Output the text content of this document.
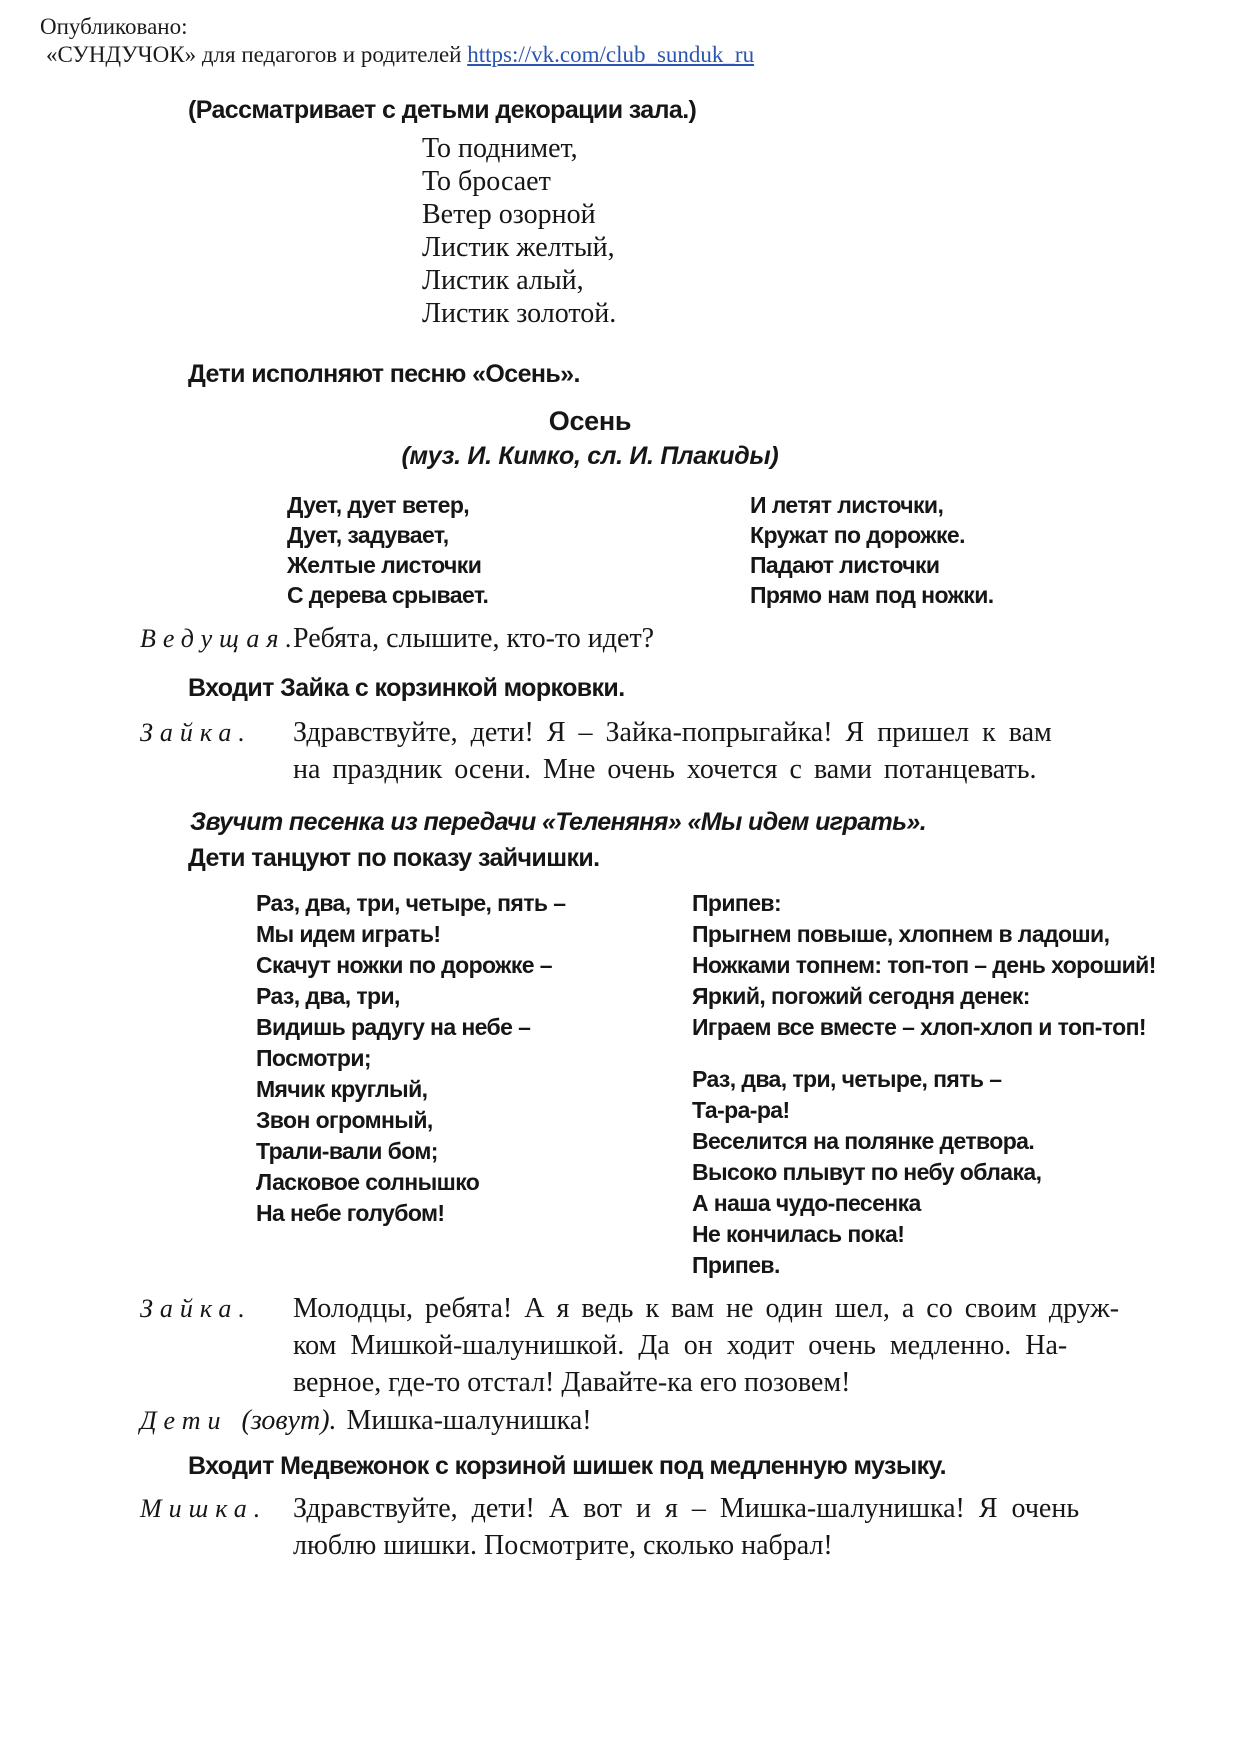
Опубликовано:
«СУНДУЧОК» для педагогов и родителей https://vk.com/club_sunduk_ru
(Рассматривает с детьми декорации зала.)
То поднимет,
То бросает
Ветер озорной
Листик желтый,
Листик алый,
Листик золотой.
Дети исполняют песню «Осень».
Осень
(муз. И. Кимко, сл. И. Плакиды)
Дует, дует ветер,
Дует, задувает,
Желтые листочки
С дерева срывает.
И летят листочки,
Кружат по дорожке.
Падают листочки
Прямо нам под ножки.
Ведущая.
Ребята, слышите, кто-то идет?
Входит Зайка с корзинкой морковки.
Зайка.	Здравствуйте, дети! Я – Зайка-попрыгайка! Я пришел к вам
на праздник осени. Мне очень хочется с вами потанцевать.
Звучит песенка из передачи «Теленяня» «Мы идем играть».
Дети танцуют по показу зайчишки.
Раз, два, три, четыре, пять –
Мы идем играть!
Скачут ножки по дорожке –
Раз, два, три,
Видишь радугу на небе –
Посмотри;
Мячик круглый,
Звон огромный,
Трали-вали бом;
Ласковое солнышко
На небе голубом!
Припев:
Прыгнем повыше, хлопнем в ладоши,
Ножками топнем: топ-топ – день хороший!
Яркий, погожий сегодня денек:
Играем все вместе – хлоп-хлоп и топ-топ!
Раз, два, три, четыре, пять –
Та-ра-ра!
Веселится на полянке детвора.
Высоко плывут по небу облака,
А наша чудо-песенка
Не кончилась пока!
Припев.
Зайка.	Молодцы, ребята! А я ведь к вам не один шел, а со своим друж-
ком Мишкой-шалунишкой. Да он ходит очень медленно. На-
верное, где-то отстал! Давайте-ка его позовем!
Дети (зовут). Мишка-шалунишка!
Входит Медвежонок с корзиной шишек под медленную музыку.
Мишка. Здравствуйте, дети! А вот и я – Мишка-шалунишка! Я очень
люблю шишки. Посмотрите, сколько набрал!
